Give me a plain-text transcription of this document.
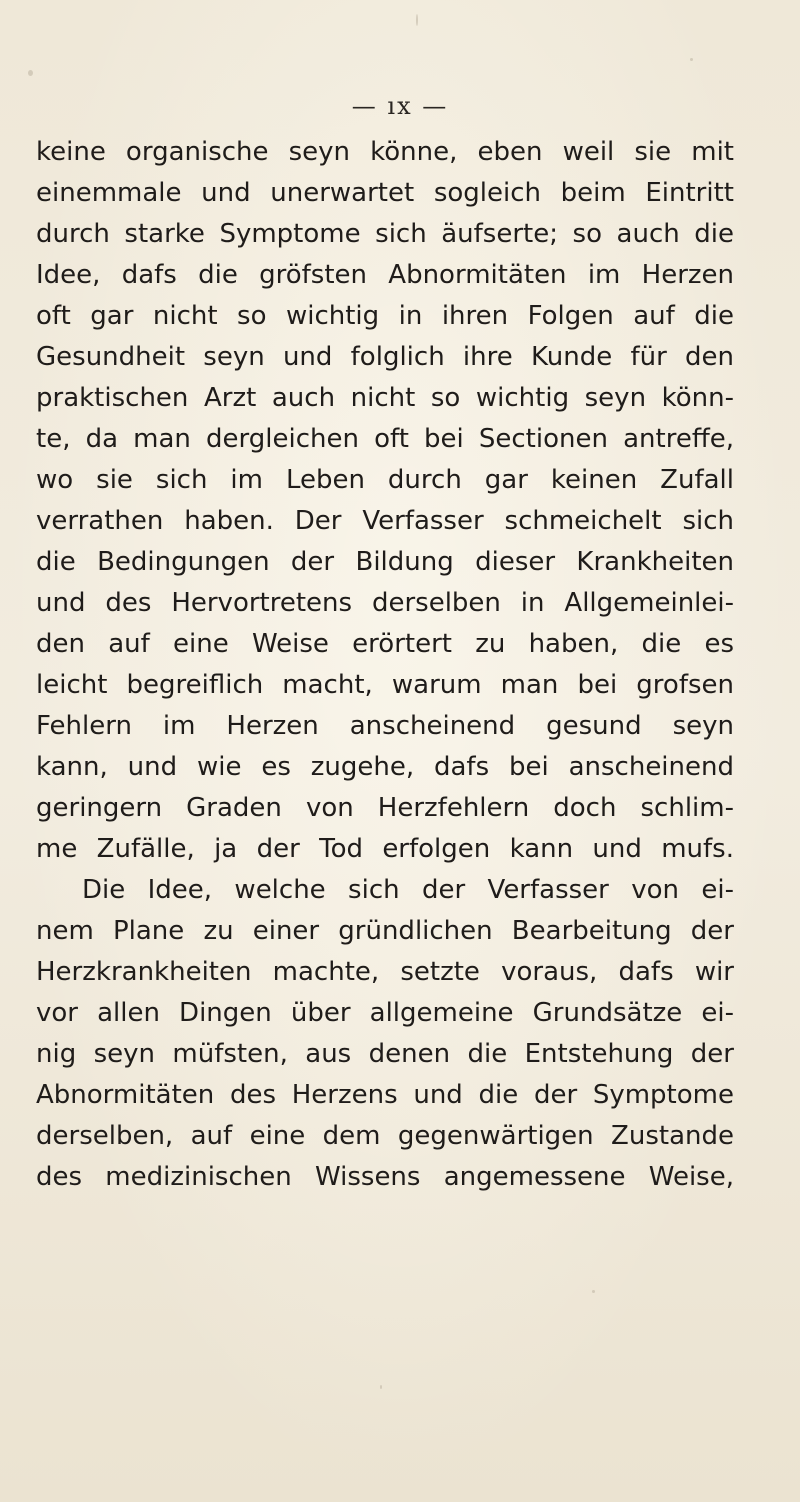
— ıx —
keine organische seyn könne, eben weil sie mit
einemmale und unerwartet sogleich beim Eintritt
durch starke Symptome sich äufserte; so auch die
Idee, dafs die gröfsten Abnormitäten im Herzen
oft gar nicht so wichtig in ihren Folgen auf die
Gesundheit seyn und folglich ihre Kunde für den
praktischen Arzt auch nicht so wichtig seyn könn-
te, da man dergleichen oft bei Sectionen antreffe,
wo sie sich im Leben durch gar keinen Zufall
verrathen haben. Der Verfasser schmeichelt sich
die Bedingungen der Bildung dieser Krankheiten
und des Hervortretens derselben in Allgemeinlei-
den auf eine Weise erörtert zu haben, die es
leicht begreiflich macht, warum man bei grofsen
Fehlern im Herzen anscheinend gesund seyn
kann, und wie es zugehe, dafs bei anscheinend
geringern Graden von Herzfehlern doch schlim-
me Zufälle, ja der Tod erfolgen kann und mufs.
Die Idee, welche sich der Verfasser von ei-
nem Plane zu einer gründlichen Bearbeitung der
Herzkrankheiten machte, setzte voraus, dafs wir
vor allen Dingen über allgemeine Grundsätze ei-
nig seyn müfsten, aus denen die Entstehung der
Abnormitäten des Herzens und die der Symptome
derselben, auf eine dem gegenwärtigen Zustande
des medizinischen Wissens angemessene Weise,
